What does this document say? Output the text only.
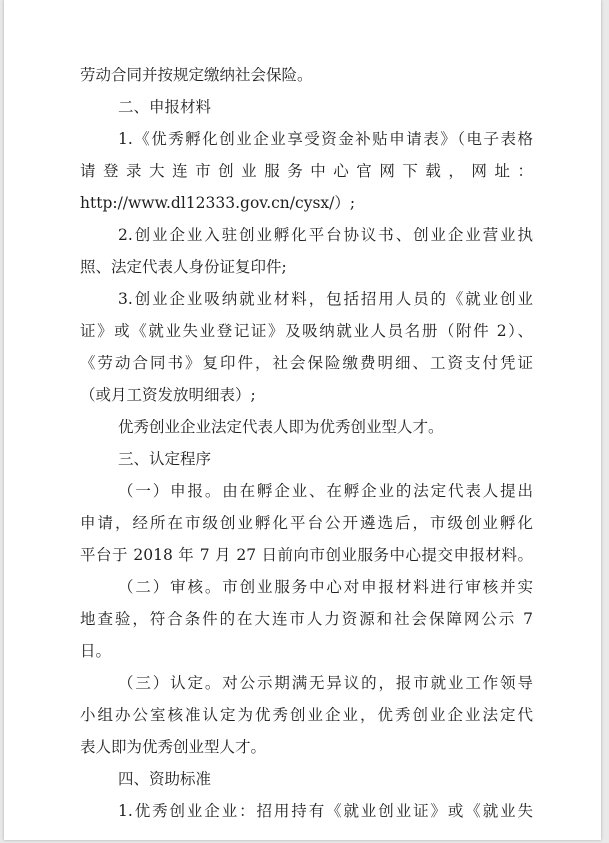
劳动合同并按规定缴纳社会保险。
二、申报材料
1.《优秀孵化创业企业享受资金补贴申请表》（电子表格
请登录大连市创业服务中心官网下载，网址：
http://www.dl12333.gov.cn/cysx/）;
2.创业企业入驻创业孵化平台协议书、创业企业营业执
照、法定代表人身份证复印件;
3.创业企业吸纳就业材料，包括招用人员的《就业创业
证》或《就业失业登记证》及吸纳就业人员名册（附件 2）、
《劳动合同书》复印件，社会保险缴费明细、工资支付凭证
（或月工资发放明细表）;
优秀创业企业法定代表人即为优秀创业型人才。
三、认定程序
（一）申报。由在孵企业、在孵企业的法定代表人提出
申请，经所在市级创业孵化平台公开遴选后，市级创业孵化
平台于 2018 年 7 月 27 日前向市创业服务中心提交申报材料。
（二）审核。市创业服务中心对申报材料进行审核并实
地查验，符合条件的在大连市人力资源和社会保障网公示 7
日。
（三）认定。对公示期满无异议的，报市就业工作领导
小组办公室核准认定为优秀创业企业，优秀创业企业法定代
表人即为优秀创业型人才。
四、资助标准
1.优秀创业企业：招用持有《就业创业证》或《就业失
